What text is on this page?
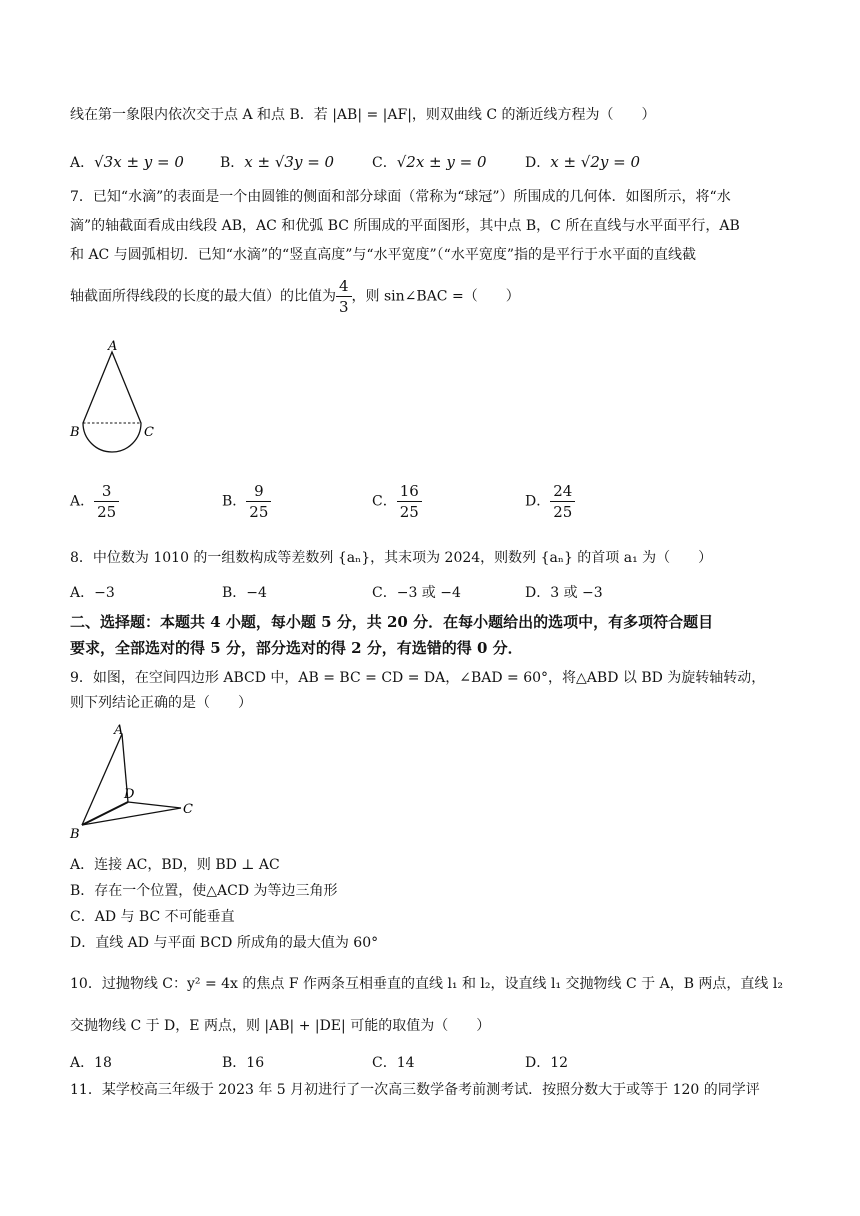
线在第一象限内依次交于点 A 和点 B．若 |AB| = |AF|，则双曲线 C 的渐近线方程为（　　）
A．√3x ± y = 0	B．x ± √3y = 0	C．√2x ± y = 0	D．x ± √2y = 0
7．已知“水滴”的表面是一个由圆锥的侧面和部分球面（常称为“球冠”）所围成的几何体．如图所示，将“水
滴”的轴截面看成由线段 AB，AC 和优弧 BC 所围成的平面图形，其中点 B，C 所在直线与水平面平行，AB
和 AC 与圆弧相切．已知“水滴”的“竖直高度”与“水平宽度”（“水平宽度”指的是平行于水平面的直线截
轴截面所得线段的长度的最大值）的比值为 $\frac{4}{3}$ ，则 sin∠BAC =（　　）
A
B	C
A． $\frac{3}{25}$	B． $\frac{9}{25}$	C． $\frac{16}{25}$	D． $\frac{24}{25}$
8．中位数为 1010 的一组数构成等差数列 {aₙ}，其末项为 2024，则数列 {aₙ} 的首项 a₁ 为（　　）
A．−3	B．−4	C．−3 或 −4	D．3 或 −3
二、选择题：本题共 4 小题，每小题 5 分，共 20 分．在每小题给出的选项中，有多项符合题目
要求，全部选对的得 5 分，部分选对的得 2 分，有选错的得 0 分．
9．如图，在空间四边形 ABCD 中，AB = BC = CD = DA，∠BAD = 60°，将△ABD 以 BD 为旋转轴转动，
则下列结论正确的是（　　）
A
B
C
D
A．连接 AC，BD，则 BD ⊥ AC
B．存在一个位置，使△ACD 为等边三角形
C．AD 与 BC 不可能垂直
D．直线 AD 与平面 BCD 所成角的最大值为 60°
10．过抛物线 C：y² = 4x 的焦点 F 作两条互相垂直的直线 l₁ 和 l₂，设直线 l₁ 交抛物线 C 于 A，B 两点，直线 l₂
交抛物线 C 于 D，E 两点，则 |AB| + |DE| 可能的取值为（　　）
A．18	B．16	C．14	D．12
11．某学校高三年级于 2023 年 5 月初进行了一次高三数学备考前测考试．按照分数大于或等于 120 的同学评
